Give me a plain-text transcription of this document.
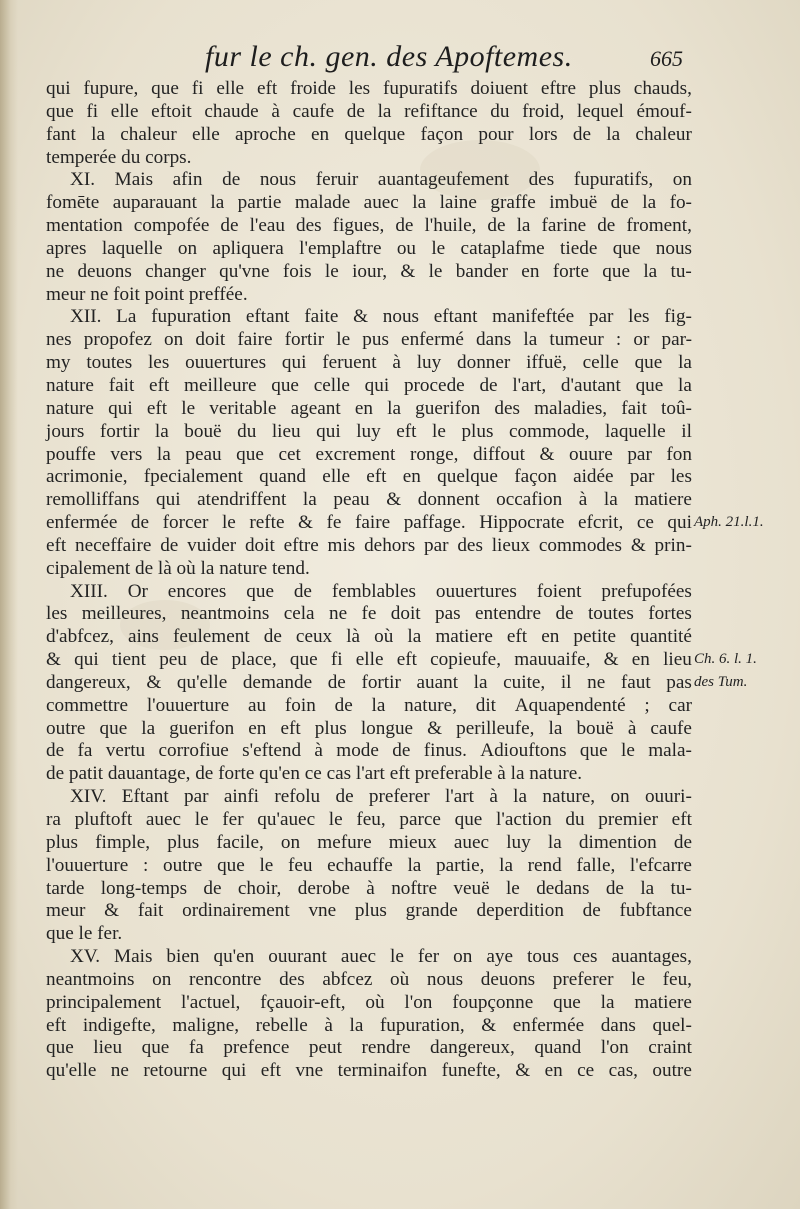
fur le ch. gen. des Apoftemes.	665
qui fupure, que fi elle eft froide les fupuratifs doiuent eftre plus chauds,
que fi elle eftoit chaude à caufe de la refiftance du froid, lequel émouf-
fant la chaleur elle aproche en quelque façon pour lors de la chaleur
temperée du corps.
XI. Mais afin de nous feruir auantageufement des fupuratifs, on
fomēte auparauant la partie malade auec la laine graffe imbuë de la fo-
mentation compofée de l'eau des figues, de l'huile, de la farine de froment,
apres laquelle on apliquera l'emplaftre ou le cataplafme tiede que nous
ne deuons changer qu'vne fois le iour, & le bander en forte que la tu-
meur ne foit point preffée.
XII. La fupuration eftant faite & nous eftant manifeftée par les fig-
nes propofez on doit faire fortir le pus enfermé dans la tumeur : or par-
my toutes les ouuertures qui feruent à luy donner iffuë, celle que la
nature fait eft meilleure que celle qui procede de l'art, d'autant que la
nature qui eft le veritable ageant en la guerifon des maladies, fait toû-
jours fortir la bouë du lieu qui luy eft le plus commode, laquelle il
pouffe vers la peau que cet excrement ronge, diffout & ouure par fon
acrimonie, fpecialement quand elle eft en quelque façon aidée par les
remolliffans qui atendriffent la peau & donnent occafion à la matiere
enfermée de forcer le refte & fe faire paffage. Hippocrate efcrit, ce qui
eft neceffaire de vuider doit eftre mis dehors par des lieux commodes & prin-
cipalement de là où la nature tend.
XIII. Or encores que de femblables ouuertures foient prefupofées
les meilleures, neantmoins cela ne fe doit pas entendre de toutes fortes
d'abfcez, ains feulement de ceux là où la matiere eft en petite quantité
& qui tient peu de place, que fi elle eft copieufe, mauuaife, & en lieu
dangereux, & qu'elle demande de fortir auant la cuite, il ne faut pas
commettre l'ouuerture au foin de la nature, dit Aquapendenté ; car
outre que la guerifon en eft plus longue & perilleufe, la bouë à caufe
de fa vertu corrofiue s'eftend à mode de finus. Adiouftons que le mala-
de patit dauantage, de forte qu'en ce cas l'art eft preferable à la nature.
XIV. Eftant par ainfi refolu de preferer l'art à la nature, on ouuri-
ra pluftoft auec le fer qu'auec le feu, parce que l'action du premier eft
plus fimple, plus facile, on mefure mieux auec luy la dimention de
l'ouuerture : outre que le feu echauffe la partie, la rend falle, l'efcarre
tarde long-temps de choir, derobe à noftre veuë le dedans de la tu-
meur & fait ordinairement vne plus grande deperdition de fubftance
que le fer.
XV. Mais bien qu'en ouurant auec le fer on aye tous ces auantages,
neantmoins on rencontre des abfcez où nous deuons preferer le feu,
principalement l'actuel, fçauoir-eft, où l'on foupçonne que la matiere
eft indigefte, maligne, rebelle à la fupuration, & enfermée dans quel-
que lieu que fa prefence peut rendre dangereux, quand l'on craint
qu'elle ne retourne qui eft vne terminaifon funefte, & en ce cas, outre
Aph. 21.l.1.
Ch. 6. l. 1.
des Tum.
